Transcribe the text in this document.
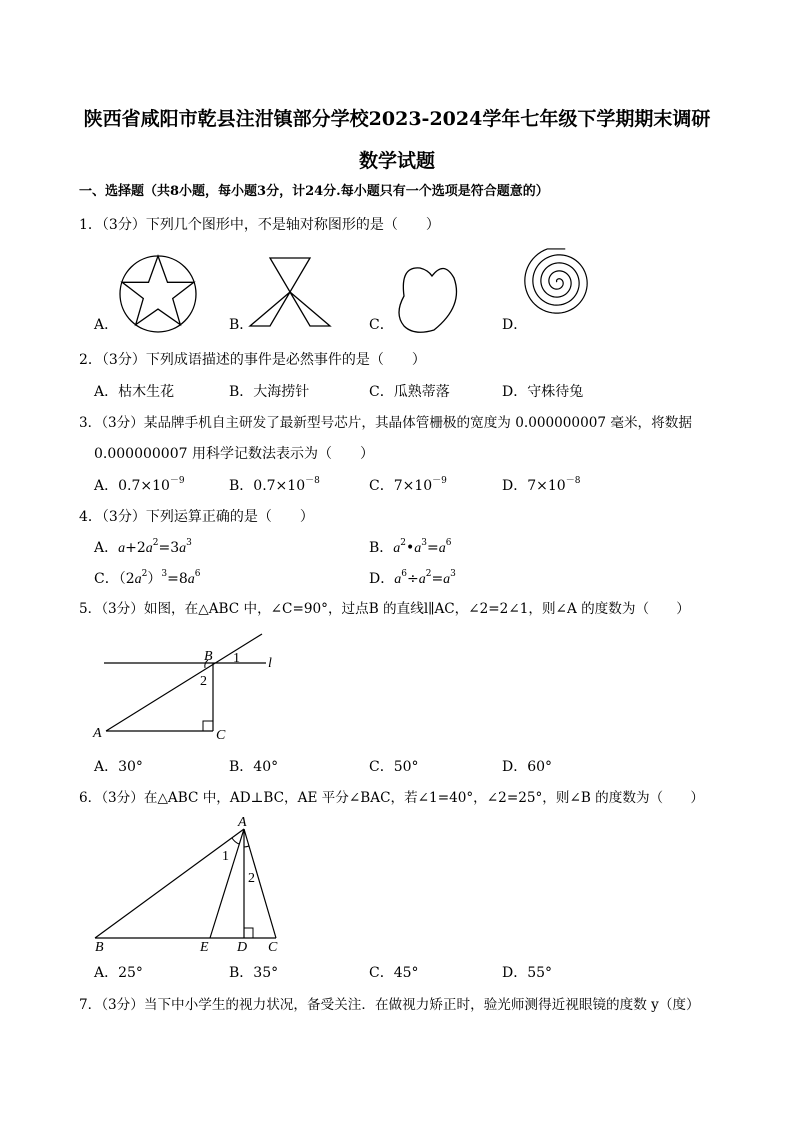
陕西省咸阳市乾县注泔镇部分学校2023-2024学年七年级下学期期末调研
数学试题
一、选择题（共8小题，每小题3分，计24分.每小题只有一个选项是符合题意的）
1．（3分）下列几个图形中，不是轴对称图形的是（　　）
A．	B．	C．	D．
2．（3分）下列成语描述的事件是必然事件的是（　　）
A．枯木生花	B．大海捞针	C．瓜熟蒂落	D．守株待兔
3．（3分）某品牌手机自主研发了最新型号芯片，其晶体管栅极的宽度为 0.000000007 毫米，将数据
0.000000007 用科学记数法表示为（　　）
A．$0.7\times 10^{-9}$	B．$0.7\times 10^{-8}$	C．$7\times 10^{-9}$	D．$7\times 10^{-8}$
4．（3分）下列运算正确的是（　　）
A．$a+2a^2=3a^3$	B．$a^2•a^3=a^6$
C．$(2a^2)^3=8a^6$	D．$a^6\div a^2=a^3$
5．（3分）如图，在△ABC 中，∠C=90°，过点B 的直线l∥AC，∠2=2∠1，则∠A 的度数为（　　）
B	l
A	C
1
2
A．30°	B．40°	C．50°	D．60°
6．（3分）在△ABC 中，AD⊥BC，AE 平分∠BAC，若∠1=40°，∠2=25°，则∠B 的度数为（　　）
A
B	E D C
1
2
A．25°	B．35°	C．45°	D．55°
7．（3分）当下中小学生的视力状况，备受关注．在做视力矫正时，验光师测得近视眼镜的度数 y（度）
